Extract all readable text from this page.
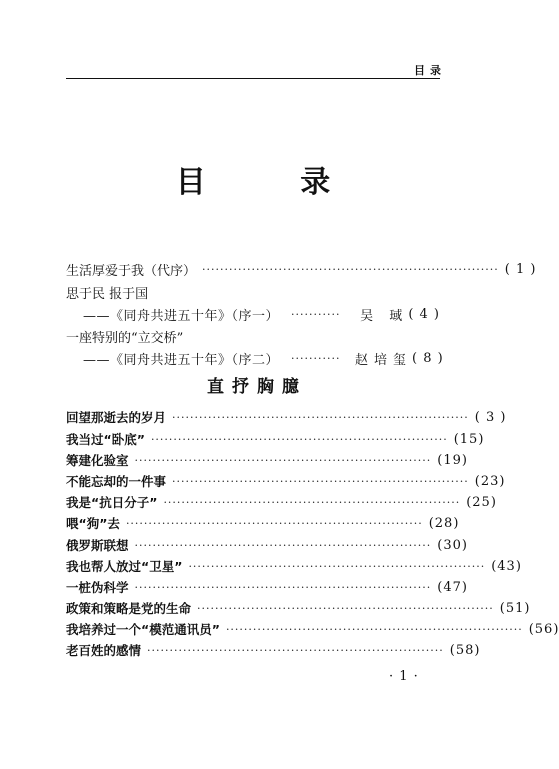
目录
目 录
生活厚爱于我（代序） ·································································· ( 1 )
思于民 报于国
——《同舟共进五十年》（序一） ···········	吴 琙 ( 4 )
一座特别的“立交桥”
——《同舟共进五十年》（序二） ···········	赵培玺 ( 8 )
直抒胸臆
回望那逝去的岁月 ·································································· ( 3 )
我当过“卧底” ·································································· (15)
筹建化验室 ·································································· (19)
不能忘却的一件事 ·································································· (23)
我是“抗日分子” ·································································· (25)
喂“狗”去 ·································································· (28)
俄罗斯联想 ·································································· (30)
我也帮人放过“卫星” ·································································· (43)
一桩伪科学 ·································································· (47)
政策和策略是党的生命 ·································································· (51)
我培养过一个“模范通讯员” ·································································· (56)
老百姓的感情 ·································································· (58)
· 1 ·
